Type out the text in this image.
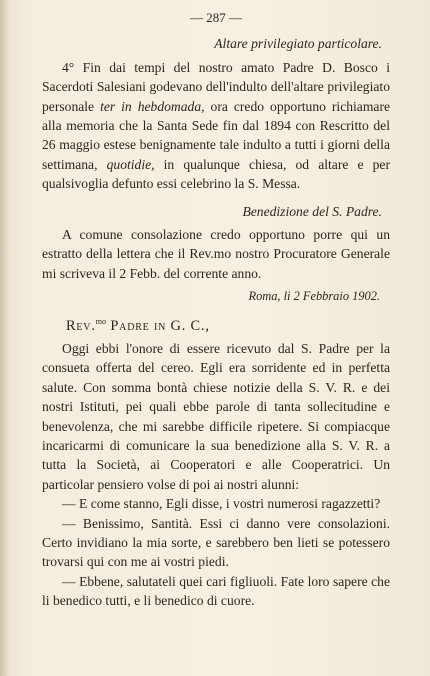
— 287 —
Altare privilegiato particolare.

4° Fin dai tempi del nostro amato Padre D. Bosco i Sacerdoti Salesiani godevano dell'indulto dell'altare privilegiato personale ter in hebdomada, ora credo opportuno richiamare alla memoria che la Santa Sede fin dal 1894 con Rescritto del 26 maggio estese benignamente tale indulto a tutti i giorni della settimana, quotidie, in qualunque chiesa, od altare e per qualsivoglia defunto essi celebrino la S. Messa.

Benedizione del S. Padre.

A comune consolazione credo opportuno porre qui un estratto della lettera che il Rev.mo nostro Procuratore Generale mi scriveva il 2 Febb. del corrente anno.

Roma, li 2 Febbraio 1902.
Rev.$^{mo}$ Padre in G. C.,

Oggi ebbi l'onore di essere ricevuto dal S. Padre per la consueta offerta del cereo. Egli era sorridente ed in perfetta salute. Con somma bontà chiese notizie della S. V. R. e dei nostri Istituti, pei quali ebbe parole di tanta sollecitudine e benevolenza, che mi sarebbe difficile ripetere. Si compiacque incaricarmi di comunicare la sua benedizione alla S. V. R. a tutta la Società, ai Cooperatori e alle Cooperatrici. Un particolar pensiero volse di poi ai nostri alunni:

— E come stanno, Egli disse, i vostri numerosi ragazzetti?

— Benissimo, Santità. Essi ci danno vere consolazioni. Certo invidiano la mia sorte, e sarebbero ben lieti se potessero trovarsi qui con me ai vostri piedi.

— Ebbene, salutateli quei cari figliuoli. Fate loro sapere che li benedico tutti, e li benedico di cuore.
